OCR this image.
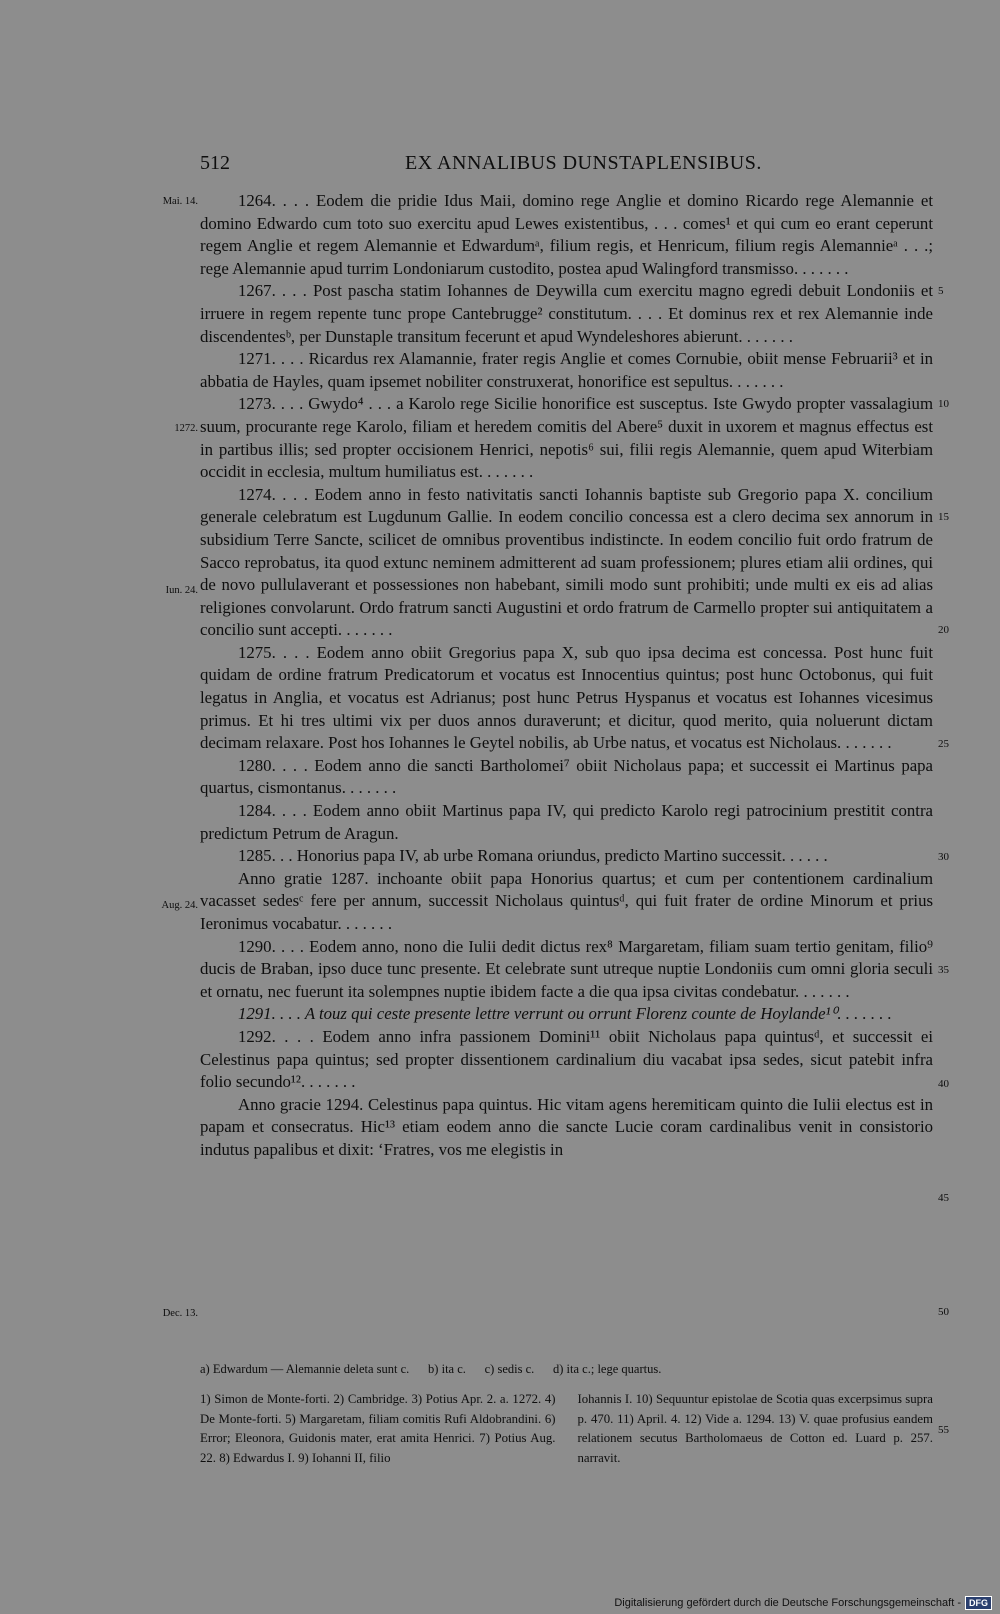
512	EX ANNALIBUS DUNSTAPLENSIBUS.
Mai. 14.
1272.
Iun. 24.
Aug. 24.
Dec. 13.
5
10
15
20
25
30
35
40
45
50
55

1264. . . . Eodem die pridie Idus Maii, domino rege Anglie et domino Ricardo rege Alemannie et domino Edwardo cum toto suo exercitu apud Lewes existentibus, . . . comes¹ et qui cum eo erant ceperunt regem Anglie et regem Alemannie et Edwardumᵃ, filium regis, et Henricum, filium regis Alemannieᵃ . . .; rege Alemannie apud turrim Londoniarum custodito, postea apud Walingford transmisso. . . . . . .

1267. . . . Post pascha statim Iohannes de Deywilla cum exercitu magno egredi debuit Londoniis et irruere in regem repente tunc prope Cantebrugge² constitutum. . . . Et dominus rex et rex Alemannie inde discendentesᵇ, per Dunstaple transitum fecerunt et apud Wyndeleshores abierunt. . . . . . .

1271. . . . Ricardus rex Alamannie, frater regis Anglie et comes Cornubie, obiit mense Februarii³ et in abbatia de Hayles, quam ipsemet nobiliter construxerat, honorifice est sepultus. . . . . . .

1273. . . . Gwydo⁴ . . . a Karolo rege Sicilie honorifice est susceptus. Iste Gwydo propter vassalagium suum, procurante rege Karolo, filiam et heredem comitis del Abere⁵ duxit in uxorem et magnus effectus est in partibus illis; sed propter occisionem Henrici, nepotis⁶ sui, filii regis Alemannie, quem apud Witerbiam occidit in ecclesia, multum humiliatus est. . . . . . .

1274. . . . Eodem anno in festo nativitatis sancti Iohannis baptiste sub Gregorio papa X. concilium generale celebratum est Lugdunum Gallie. In eodem concilio concessa est a clero decima sex annorum in subsidium Terre Sancte, scilicet de omnibus proventibus indistincte. In eodem concilio fuit ordo fratrum de Sacco reprobatus, ita quod extunc neminem admitterent ad suam professionem; plures etiam alii ordines, qui de novo pullulaverant et possessiones non habebant, simili modo sunt prohibiti; unde multi ex eis ad alias religiones convolarunt. Ordo fratrum sancti Augustini et ordo fratrum de Carmello propter sui antiquitatem a concilio sunt accepti. . . . . . .

1275. . . . Eodem anno obiit Gregorius papa X, sub quo ipsa decima est concessa. Post hunc fuit quidam de ordine fratrum Predicatorum et vocatus est Innocentius quintus; post hunc Octobonus, qui fuit legatus in Anglia, et vocatus est Adrianus; post hunc Petrus Hyspanus et vocatus est Iohannes vicesimus primus. Et hi tres ultimi vix per duos annos duraverunt; et dicitur, quod merito, quia noluerunt dictam decimam relaxare. Post hos Iohannes le Geytel nobilis, ab Urbe natus, et vocatus est Nicholaus. . . . . . .

1280. . . . Eodem anno die sancti Bartholomei⁷ obiit Nicholaus papa; et successit ei Martinus papa quartus, cismontanus. . . . . . .

1284. . . . Eodem anno obiit Martinus papa IV, qui predicto Karolo regi patrocinium prestitit contra predictum Petrum de Aragun.

1285. . . Honorius papa IV, ab urbe Romana oriundus, predicto Martino successit. . . . . .

Anno gratie 1287. inchoante obiit papa Honorius quartus; et cum per contentionem cardinalium vacasset sedesᶜ fere per annum, successit Nicholaus quintusᵈ, qui fuit frater de ordine Minorum et prius Ieronimus vocabatur. . . . . . .

1290. . . . Eodem anno, nono die Iulii dedit dictus rex⁸ Margaretam, filiam suam tertio genitam, filio⁹ ducis de Braban, ipso duce tunc presente. Et celebrate sunt utreque nuptie Londoniis cum omni gloria seculi et ornatu, nec fuerunt ita solempnes nuptie ibidem facte a die qua ipsa civitas condebatur. . . . . . .

1291. . . . A touz qui ceste presente lettre verrunt ou orrunt Florenz counte de Hoylande¹⁰. . . . . . .

1292. . . . Eodem anno infra passionem Domini¹¹ obiit Nicholaus papa quintusᵈ, et successit ei Celestinus papa quintus; sed propter dissentionem cardinalium diu vacabat ipsa sedes, sicut patebit infra folio secundo¹². . . . . . .

Anno gracie 1294. Celestinus papa quintus. Hic vitam agens heremiticam quinto die Iulii electus est in papam et consecratus. Hic¹³ etiam eodem anno die sancte Lucie coram cardinalibus venit in consistorio indutus papalibus et dixit: ‘Fratres, vos me elegistis in

a) Edwardum — Alemannie deleta sunt c.      b) ita c.      c) sedis c.      d) ita c.; lege quartus.

1) Simon de Monte-forti. 2) Cambridge. 3) Potius Apr. 2. a. 1272. 4) De Monte-forti. 5) Margaretam, filiam comitis Rufi Aldobrandini. 6) Error; Eleonora, Guidonis mater, erat amita Henrici. 7) Potius Aug. 22. 8) Edwardus I. 9) Iohanni II, filio

Iohannis I. 10) Sequuntur epistolae de Scotia quas excerpsimus supra p. 470. 11) April. 4. 12) Vide a. 1294. 13) V. quae profusius eandem relationem secutus Bartholomaeus de Cotton ed. Luard p. 257. narravit.

Digitalisierung gefördert durch die Deutsche Forschungsgemeinschaft - DFG
